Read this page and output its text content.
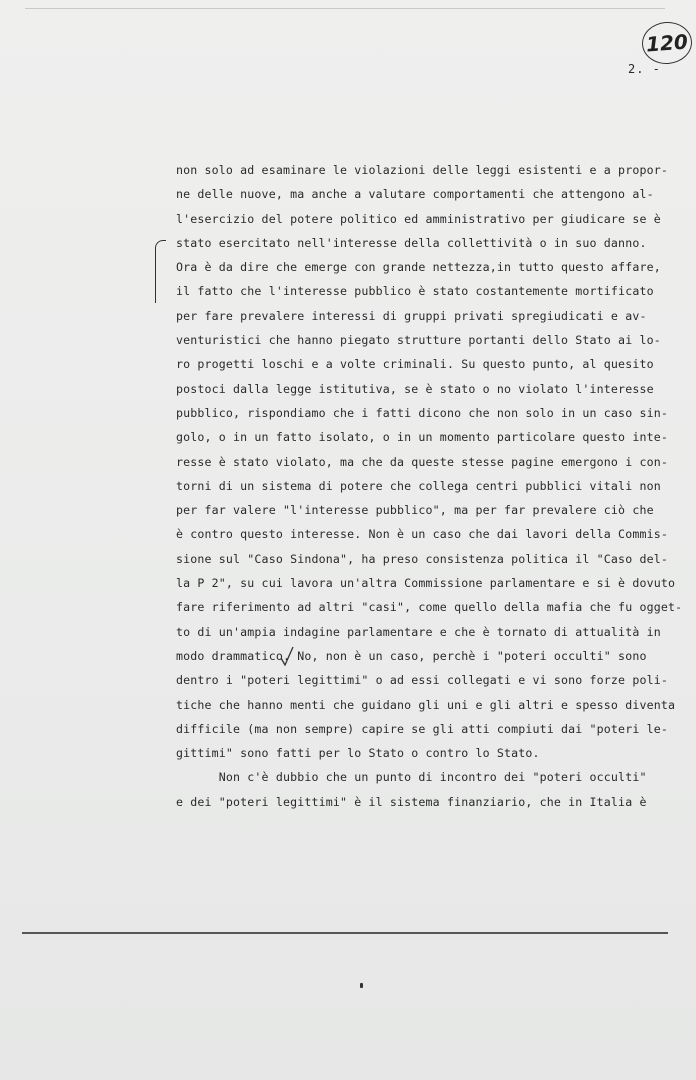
120
2. -
non solo ad esaminare le violazioni delle leggi esistenti e a propor-
ne delle nuove, ma anche a valutare comportamenti che attengono al-
l'esercizio del potere politico ed amministrativo per giudicare se è
stato esercitato nell'interesse della collettività o in suo danno.
Ora è da dire che emerge con grande nettezza,in tutto questo affare,
il fatto che l'interesse pubblico è stato costantemente mortificato
per fare prevalere interessi di gruppi privati spregiudicati e av-
venturistici che hanno piegato strutture portanti dello Stato ai lo-
ro progetti loschi e a volte criminali. Su questo punto, al quesito
postoci dalla legge istitutiva, se è stato o no violato l'interesse
pubblico, rispondiamo che i fatti dicono che non solo in un caso sin-
golo, o in un fatto isolato, o in un momento particolare questo inte-
resse è stato violato, ma che da queste stesse pagine emergono i con-
torni di un sistema di potere che collega centri pubblici vitali non
per far valere "l'interesse pubblico", ma per far prevalere ciò che
è contro questo interesse. Non è un caso che dai lavori della Commis-
sione sul "Caso Sindona", ha preso consistenza politica il "Caso del-
la P 2", su cui lavora un'altra Commissione parlamentare e si è dovuto
fare riferimento ad altri "casi", come quello della mafia che fu ogget-
to di un'ampia indagine parlamentare e che è tornato di attualità in
modo drammatico. No, non è un caso, perchè i "poteri occulti" sono
dentro i "poteri legittimi" o ad essi collegati e vi sono forze poli-
tiche che hanno menti che guidano gli uni e gli altri e spesso diventa
difficile (ma non sempre) capire se gli atti compiuti dai "poteri le-
gittimi" sono fatti per lo Stato o contro lo Stato.
Non c'è dubbio che un punto di incontro dei "poteri occulti"
e dei "poteri legittimi" è il sistema finanziario, che in Italia è
